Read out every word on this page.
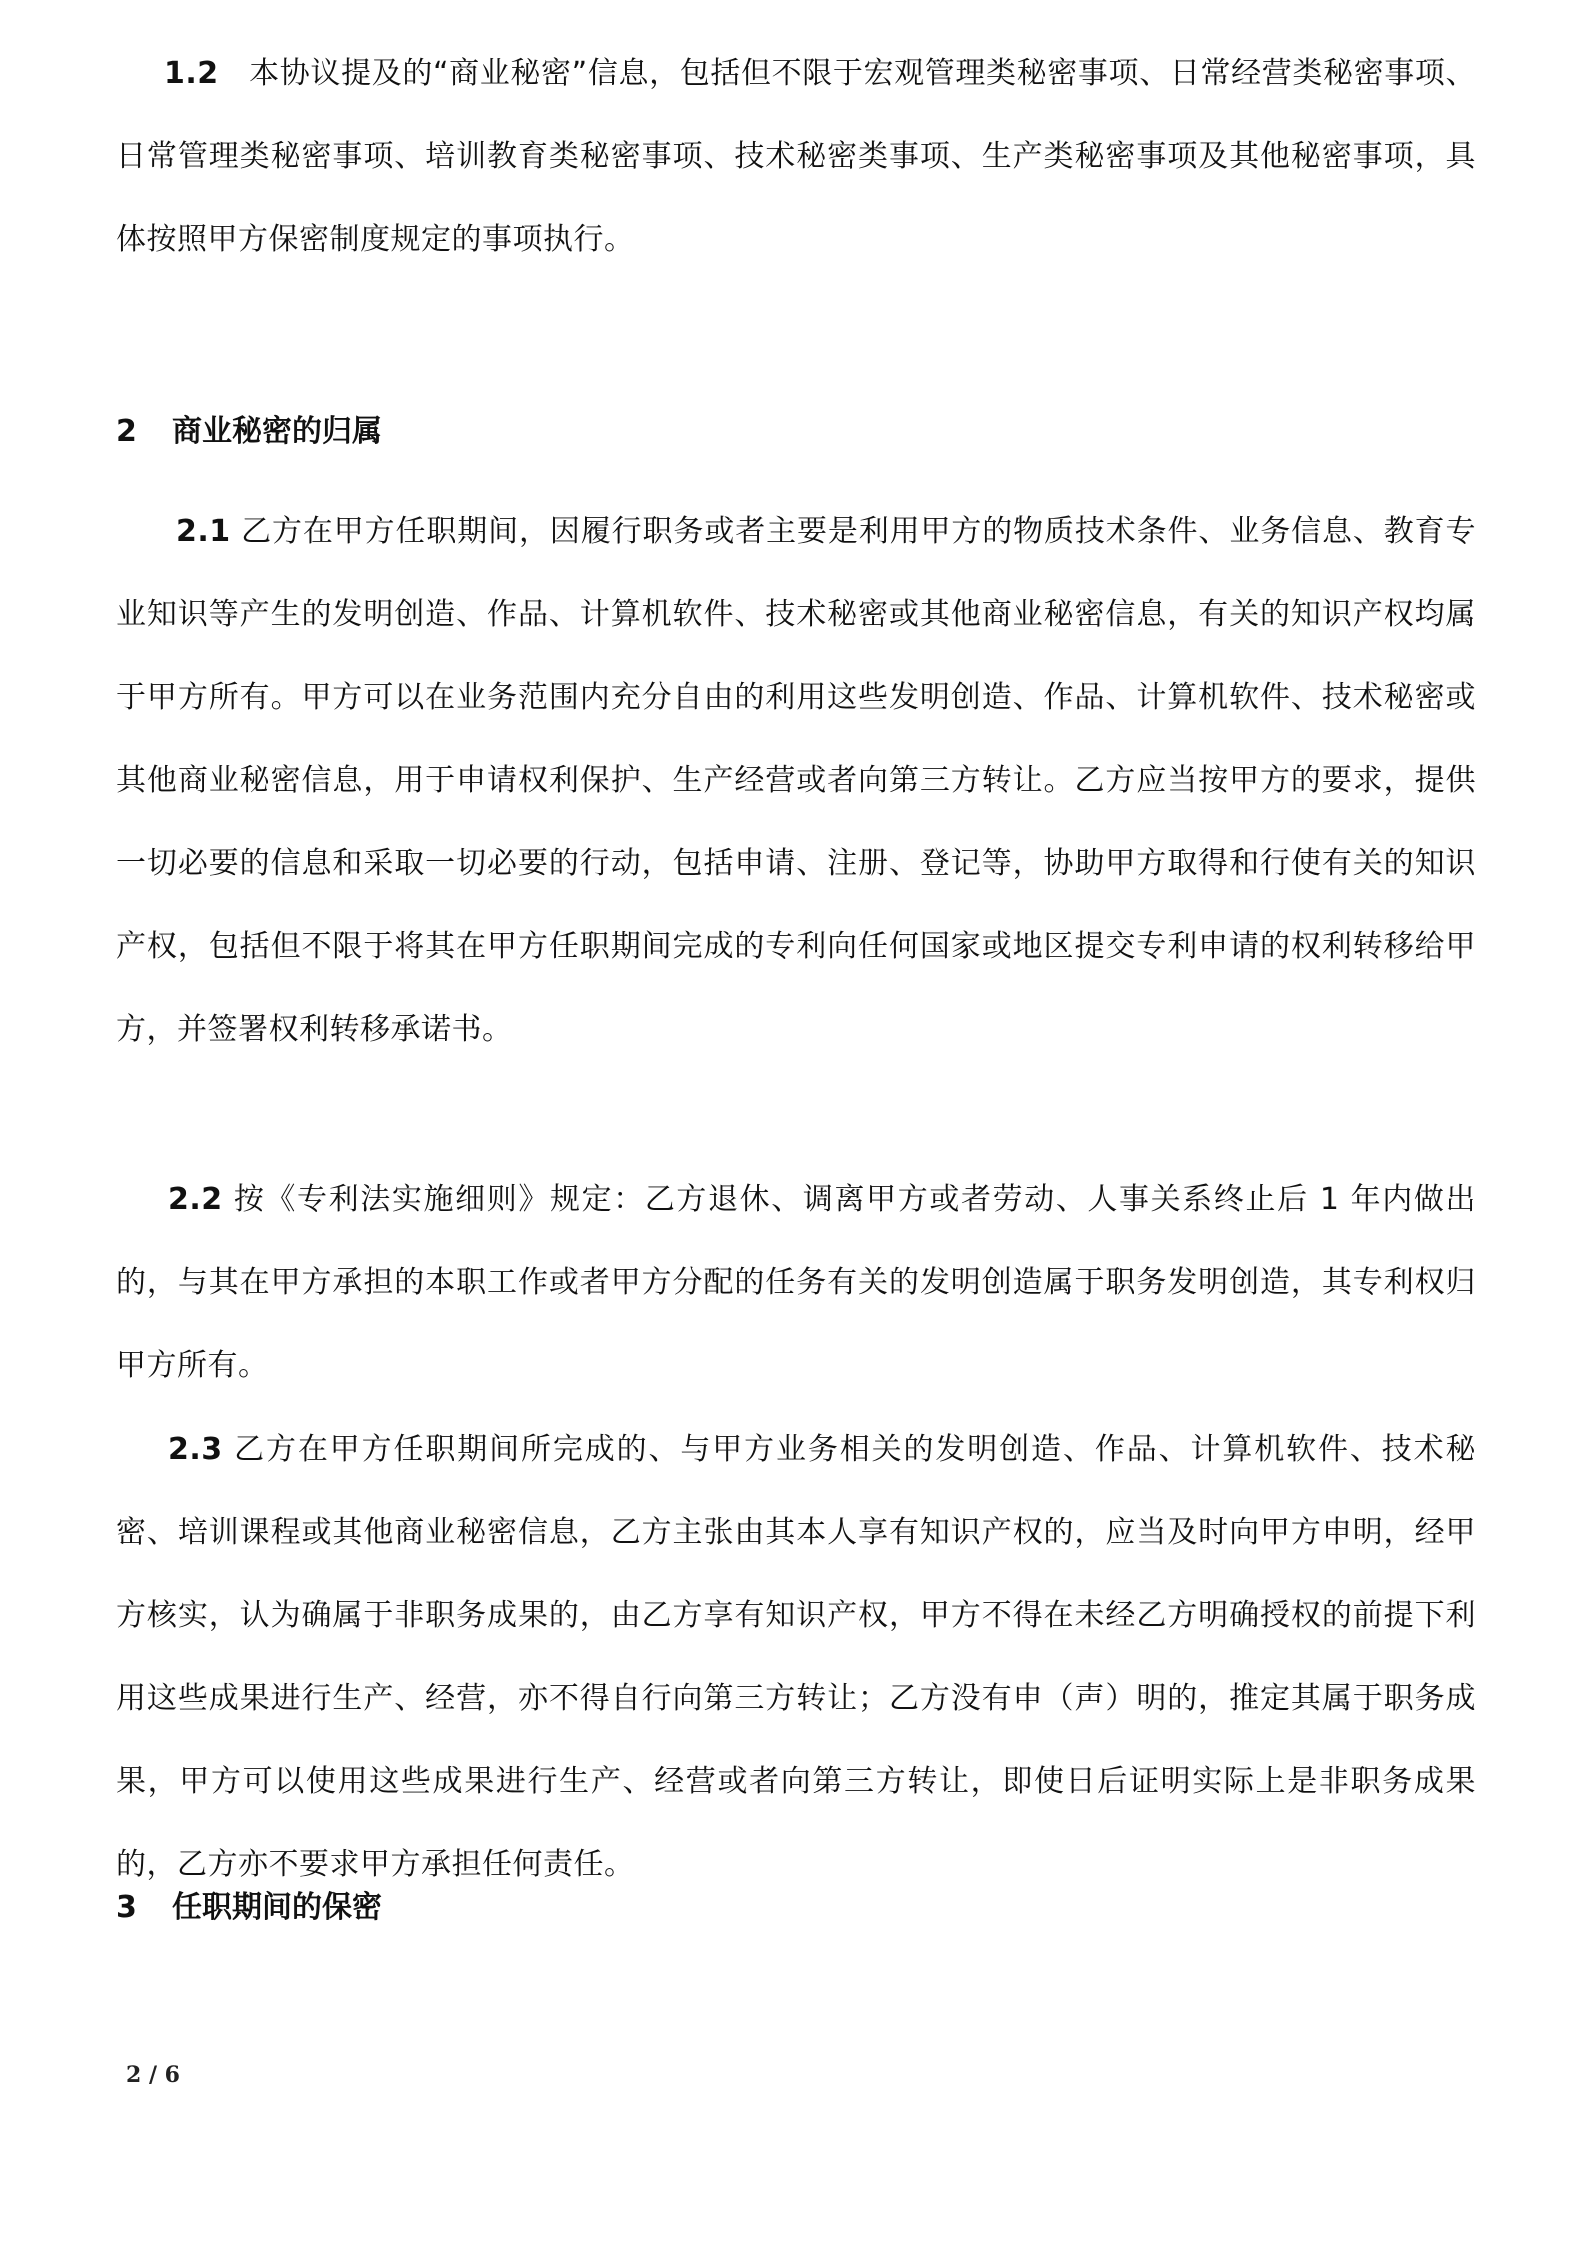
1.2 本协议提及的“商业秘密”信息，包括但不限于宏观管理类秘密事项、日常经营类秘密事项、日常管理类秘密事项、培训教育类秘密事项、技术秘密类事项、生产类秘密事项及其他秘密事项，具体按照甲方保密制度规定的事项执行。

2 商业秘密的归属

2.1 乙方在甲方任职期间，因履行职务或者主要是利用甲方的物质技术条件、业务信息、教育专业知识等产生的发明创造、作品、计算机软件、技术秘密或其他商业秘密信息，有关的知识产权均属于甲方所有。甲方可以在业务范围内充分自由的利用这些发明创造、作品、计算机软件、技术秘密或其他商业秘密信息，用于申请权利保护、生产经营或者向第三方转让。乙方应当按甲方的要求，提供一切必要的信息和采取一切必要的行动，包括申请、注册、登记等，协助甲方取得和行使有关的知识产权，包括但不限于将其在甲方任职期间完成的专利向任何国家或地区提交专利申请的权利转移给甲方，并签署权利转移承诺书。

2.2 按《专利法实施细则》规定：乙方退休、调离甲方或者劳动、人事关系终止后 1 年内做出的，与其在甲方承担的本职工作或者甲方分配的任务有关的发明创造属于职务发明创造，其专利权归甲方所有。

2.3 乙方在甲方任职期间所完成的、与甲方业务相关的发明创造、作品、计算机软件、技术秘密、培训课程或其他商业秘密信息，乙方主张由其本人享有知识产权的，应当及时向甲方申明，经甲方核实，认为确属于非职务成果的，由乙方享有知识产权，甲方不得在未经乙方明确授权的前提下利用这些成果进行生产、经营，亦不得自行向第三方转让；乙方没有申（声）明的，推定其属于职务成果，甲方可以使用这些成果进行生产、经营或者向第三方转让，即使日后证明实际上是非职务成果的，乙方亦不要求甲方承担任何责任。

3 任职期间的保密
2 / 6
